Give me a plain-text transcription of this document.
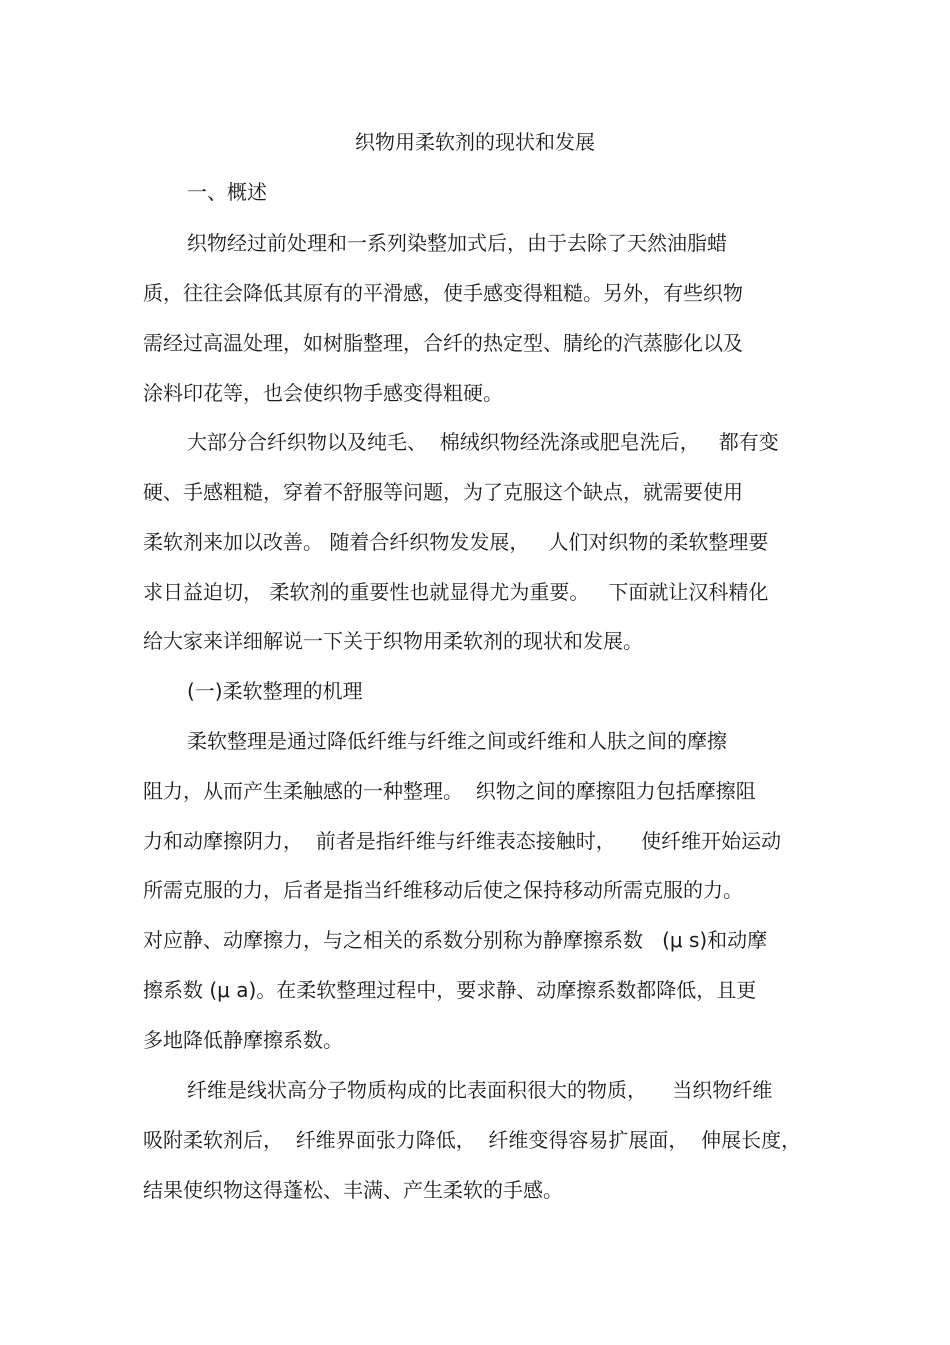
织物用柔软剂的现状和发展
一、概述
织物经过前处理和一系列染整加式后，由于去除了天然油脂蜡
质，往往会降低其原有的平滑感，使手感变得粗糙。另外，有些织物
需经过高温处理，如树脂整理，合纤的热定型、腈纶的汽蒸膨化以及
涂料印花等，也会使织物手感变得粗硬。
大部分合纤织物以及纯毛、  棉绒织物经洗涤或肥皂洗后，   都有变
硬、手感粗糙，穿着不舒服等问题，为了克服这个缺点，就需要使用
柔软剂来加以改善。 随着合纤织物发发展，   人们对织物的柔软整理要
求日益迫切， 柔软剂的重要性也就显得尤为重要。   下面就让汉科精化
给大家来详细解说一下关于织物用柔软剂的现状和发展。
(一)柔软整理的机理
柔软整理是通过降低纤维与纤维之间或纤维和人肤之间的摩擦
阻力，从而产生柔触感的一种整理。  织物之间的摩擦阻力包括摩擦阻
力和动摩擦阴力，  前者是指纤维与纤维表态接触时，    使纤维开始运动
所需克服的力，后者是指当纤维移动后使之保持移动所需克服的力。
对应静、动摩擦力，与之相关的系数分别称为静摩擦系数   (μ s)和动摩
擦系数 (μ a)。在柔软整理过程中，要求静、动摩擦系数都降低，且更
多地降低静摩擦系数。
纤维是线状高分子物质构成的比表面积很大的物质，    当织物纤维
吸附柔软剂后，  纤维界面张力降低，  纤维变得容易扩展面，  伸展长度，
结果使织物这得蓬松、丰满、产生柔软的手感。
